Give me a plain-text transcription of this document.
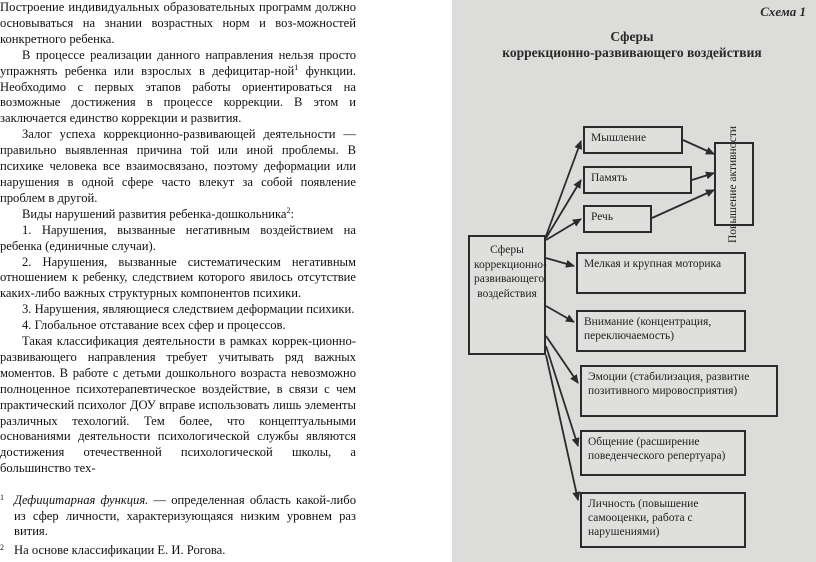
Построение индивидуальных образовательных программ должно основываться на знании возрастных норм и воз-можностей конкретного ребенка.

В процессе реализации данного направления нельзя просто упражнять ребенка или взрослых в дефицитар-ной$^1$ функции. Необходимо с первых этапов работы ориентироваться на возможные достижения в процессе коррекции. В этом и заключается единство коррекции и развития.

Залог успеха коррекционно-развивающей деятельности — правильно выявленная причина той или иной проблемы. В психике человека все взаимосвязано, поэтому деформации или нарушения в одной сфере часто влекут за собой появление проблем в другой.

Виды нарушений развития ребенка-дошкольника$^2$:

1. Нарушения, вызванные негативным воздействием на ребенка (единичные случаи).

2. Нарушения, вызванные систематическим негативным отношением к ребенку, следствием которого явилось отсутствие каких-либо важных структурных компонентов психики.

3. Нарушения, являющиеся следствием деформации психики.

4. Глобальное отставание всех сфер и процессов.

Такая классификация деятельности в рамках коррек-ционно-развивающего направления требует учитывать ряд важных моментов. В работе с детьми дошкольного возраста невозможно полноценное психотерапевтическое воздействие, в связи с чем практический психолог ДОУ вправе использовать лишь элементы различных техологий. Тем более, что концептуальными основаниями деятельности психологической службы являются достижения отечественной психологической школы, а большинство тех-

1 Дефицитарная функция. — определенная область какой-либо из сфер личности, характеризующаяся низким уровнем раз вития.
2 На основе классификации Е. И. Рогова.
Схема 1
Сферы
коррекционно-развивающего воздействия
Сферы коррекционно-развивающего воздействия
Повышение активности
Мышление
Память
Речь
Мелкая и крупная моторика
Внимание (концентрация, переключаемость)
Эмоции (стабилизация, развитие позитивного мировосприятия)
Общение (расширение поведенческого репертуара)
Личность (повышение самооценки, работа с нарушениями)
